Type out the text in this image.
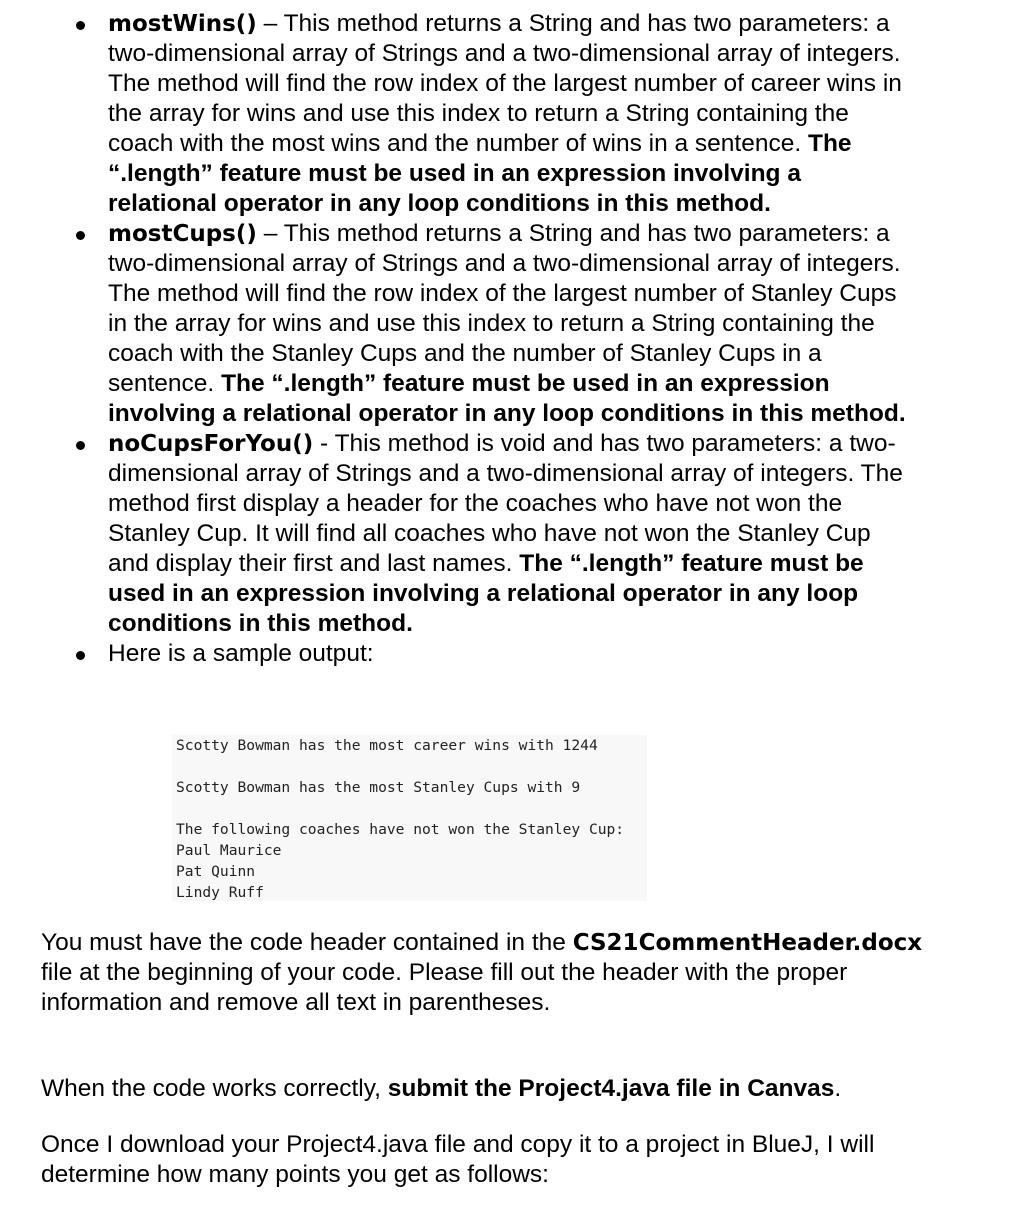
mostWins() – This method returns a String and has two parameters: a two-dimensional array of Strings and a two-dimensional array of integers. The method will find the row index of the largest number of career wins in the array for wins and use this index to return a String containing the coach with the most wins and the number of wins in a sentence. The “.length” feature must be used in an expression involving a relational operator in any loop conditions in this method.
mostCups() – This method returns a String and has two parameters: a two-dimensional array of Strings and a two-dimensional array of integers. The method will find the row index of the largest number of Stanley Cups in the array for wins and use this index to return a String containing the coach with the Stanley Cups and the number of Stanley Cups in a sentence. The “.length” feature must be used in an expression involving a relational operator in any loop conditions in this method.
noCupsForYou() - This method is void and has two parameters: a two-dimensional array of Strings and a two-dimensional array of integers. The method first display a header for the coaches who have not won the Stanley Cup. It will find all coaches who have not won the Stanley Cup and display their first and last names. The “.length” feature must be used in an expression involving a relational operator in any loop conditions in this method.
Here is a sample output:
Scotty Bowman has the most career wins with 1244

Scotty Bowman has the most Stanley Cups with 9

The following coaches have not won the Stanley Cup:
Paul Maurice
Pat Quinn
Lindy Ruff

You must have the code header contained in the CS21CommentHeader.docx file at the beginning of your code. Please fill out the header with the proper information and remove all text in parentheses.

When the code works correctly, submit the Project4.java file in Canvas.

Once I download your Project4.java file and copy it to a project in BlueJ, I will determine how many points you get as follows:
